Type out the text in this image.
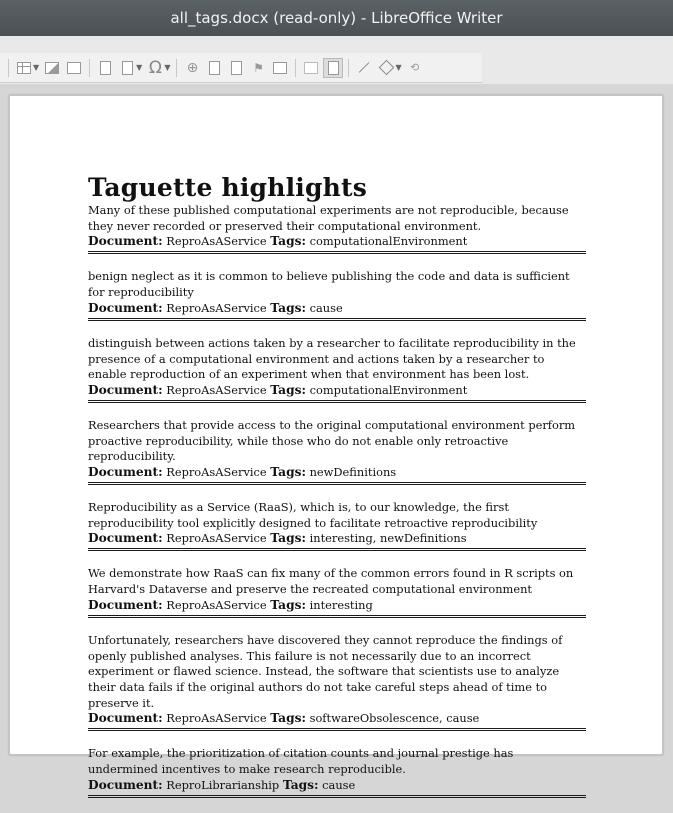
all_tags.docx (read-only) - LibreOffice Writer
▼	▼ Ω ▼ ⊕	⚑	▼ ⟲
Taguette highlights

Many of these published computational experiments are not reproducible, because they never recorded or preserved their computational environment.

Document: ReproAsAService Tags: computationalEnvironment

benign neglect as it is common to believe publishing the code and data is sufficient for reproducibility

Document: ReproAsAService Tags: cause

distinguish between actions taken by a researcher to facilitate reproducibility in the presence of a computational environment and actions taken by a researcher to enable reproduction of an experiment when that environment has been lost.

Document: ReproAsAService Tags: computationalEnvironment

Researchers that provide access to the original computational environment perform proactive reproducibility, while those who do not enable only retroactive reproducibility.

Document: ReproAsAService Tags: newDefinitions

Reproducibility as a Service (RaaS), which is, to our knowledge, the first reproducibility tool explicitly designed to facilitate retroactive reproducibility

Document: ReproAsAService Tags: interesting, newDefinitions

We demonstrate how RaaS can fix many of the common errors found in R scripts on Harvard's Dataverse and preserve the recreated computational environment

Document: ReproAsAService Tags: interesting

Unfortunately, researchers have discovered they cannot reproduce the findings of openly published analyses. This failure is not necessarily due to an incorrect experiment or flawed science. Instead, the software that scientists use to analyze their data fails if the original authors do not take careful steps ahead of time to preserve it.

Document: ReproAsAService Tags: softwareObsolescence, cause

For example, the prioritization of citation counts and journal prestige has undermined incentives to make research reproducible.

Document: ReproLibrarianship Tags: cause
